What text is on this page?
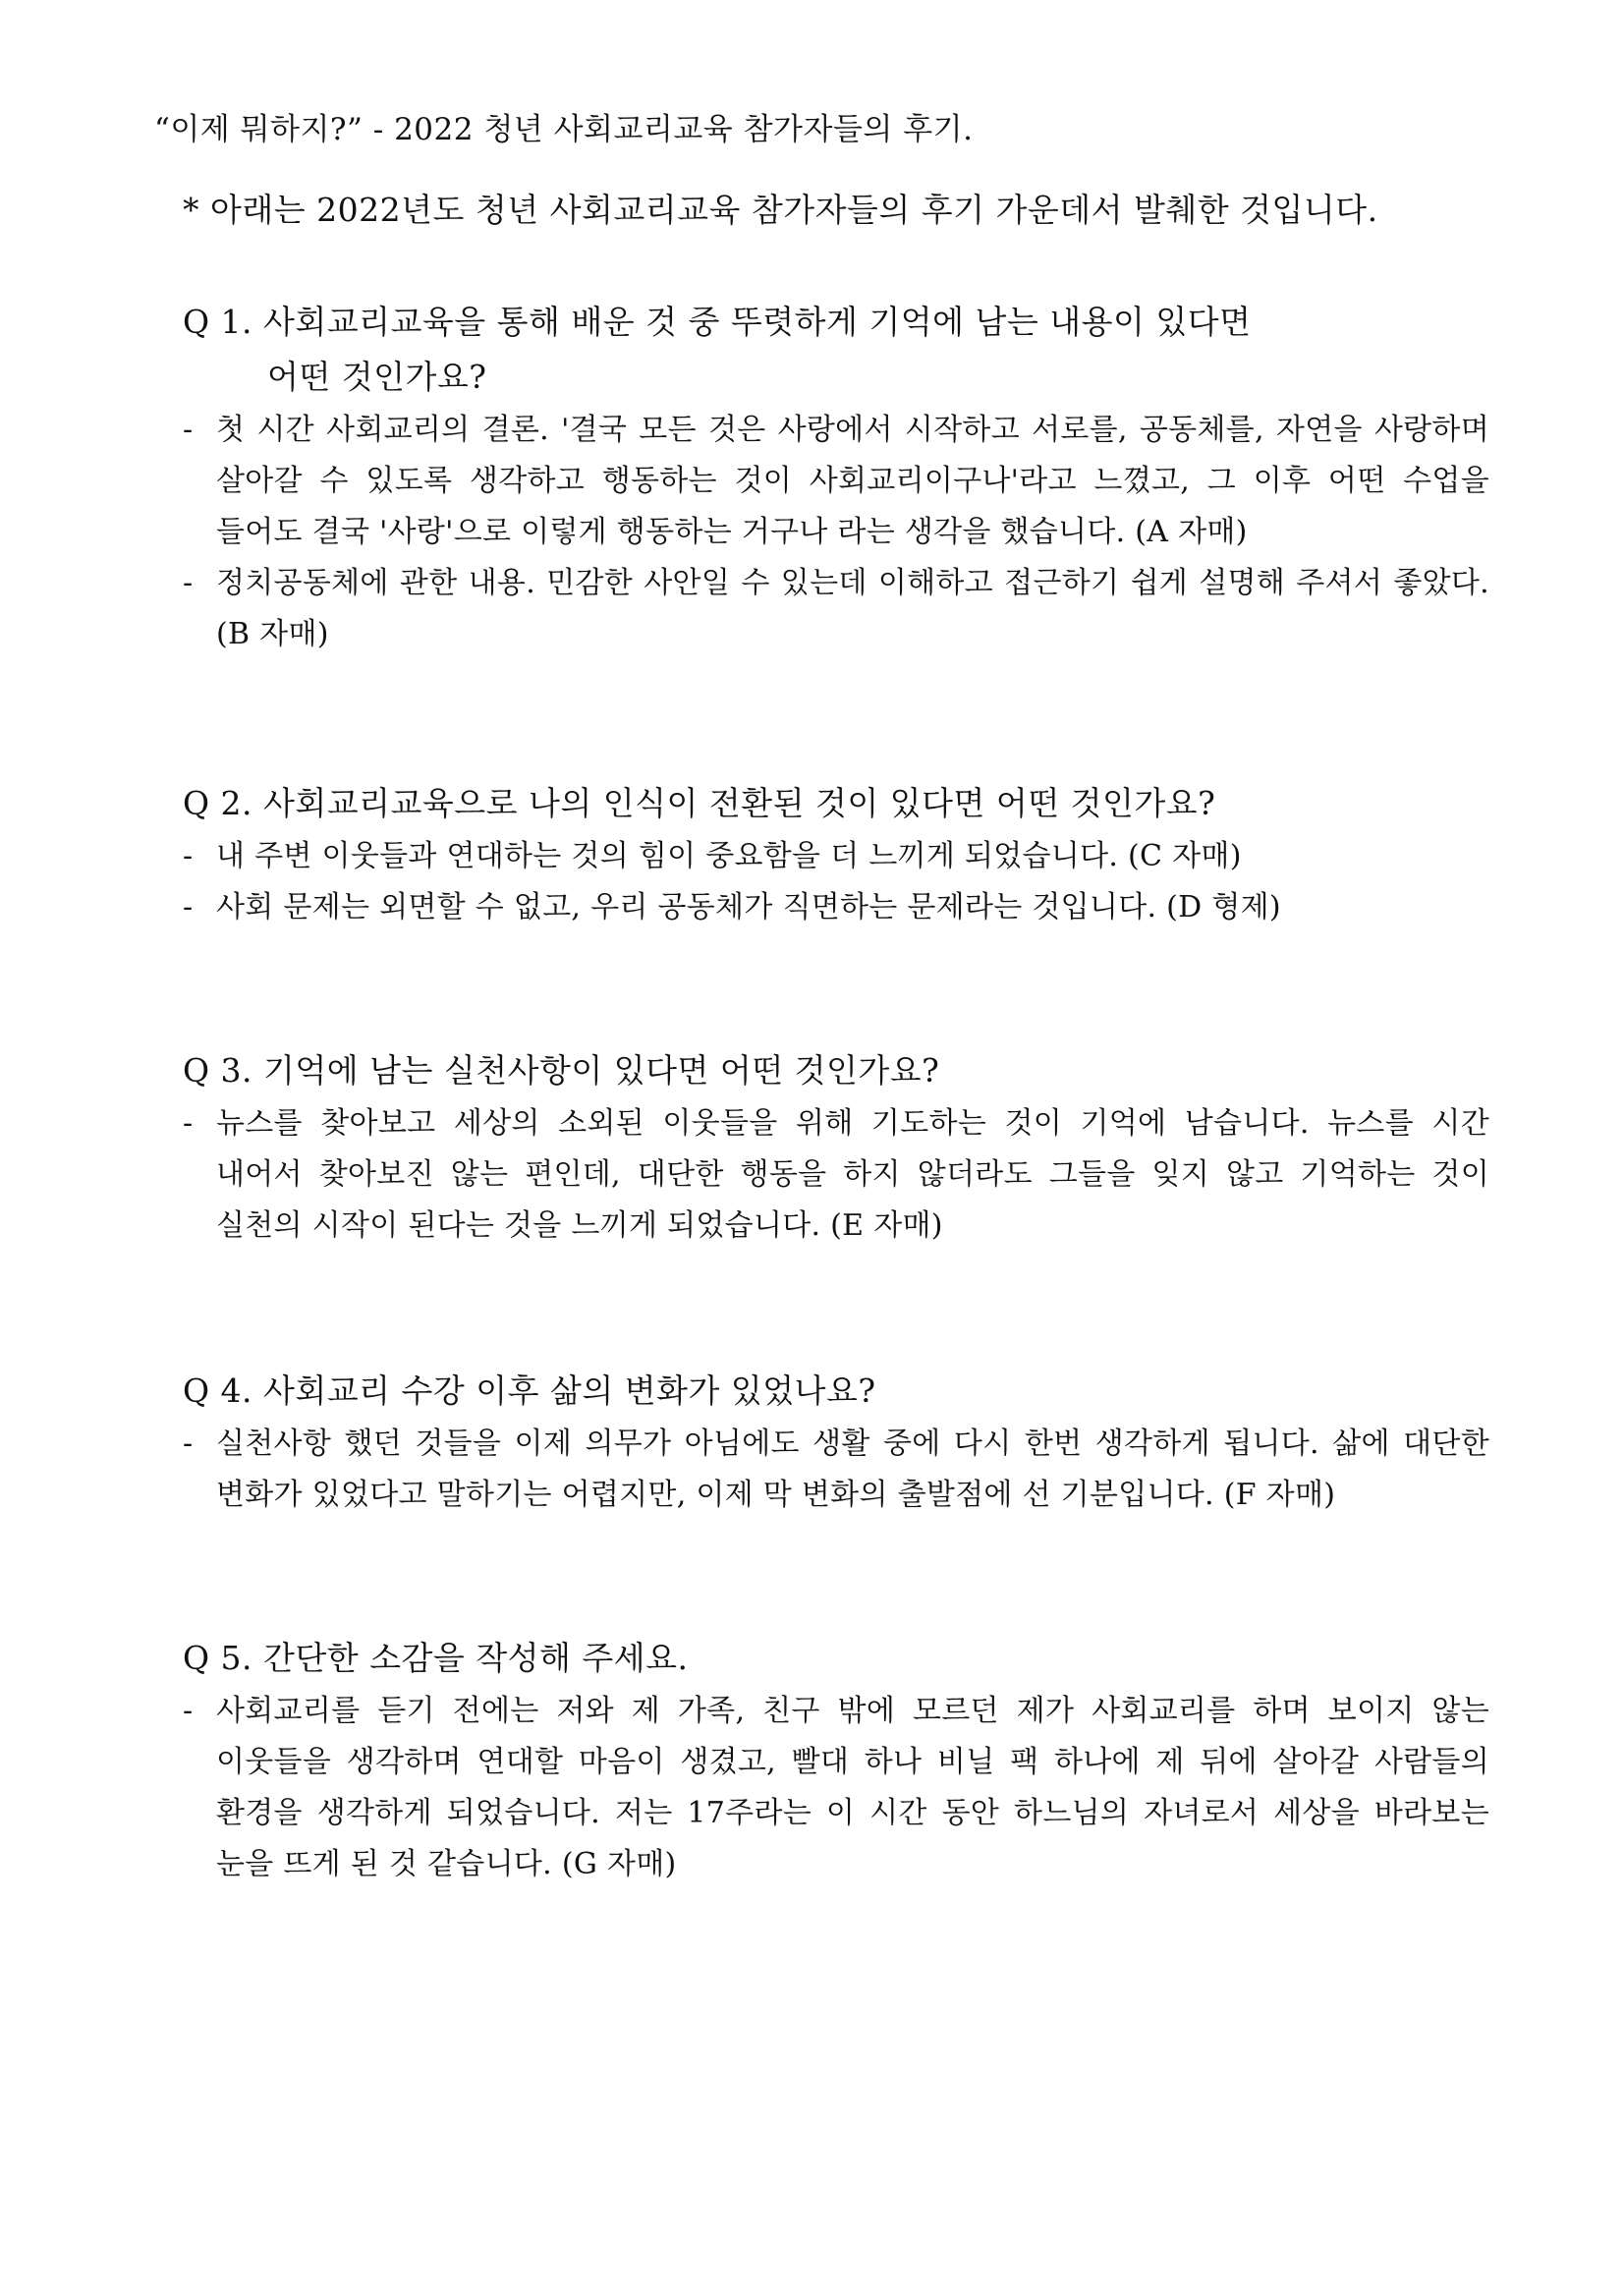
“이제 뭐하지?” - 2022 청년 사회교리교육 참가자들의 후기.
* 아래는 2022년도 청년 사회교리교육 참가자들의 후기 가운데서 발췌한 것입니다.
Q 1. 사회교리교육을 통해 배운 것 중 뚜렷하게 기억에 남는 내용이 있다면
어떤 것인가요?
- 첫 시간 사회교리의 결론. '결국 모든 것은 사랑에서 시작하고 서로를, 공동체를, 자연을 사랑하며 살아갈 수 있도록 생각하고 행동하는 것이 사회교리이구나'라고 느꼈고, 그 이후 어떤 수업을 들어도 결국 '사랑'으로 이렇게 행동하는 거구나 라는 생각을 했습니다. (A 자매)
- 정치공동체에 관한 내용. 민감한 사안일 수 있는데 이해하고 접근하기 쉽게 설명해 주셔서 좋았다. (B 자매)
Q 2. 사회교리교육으로 나의 인식이 전환된 것이 있다면 어떤 것인가요?
- 내 주변 이웃들과 연대하는 것의 힘이 중요함을 더 느끼게 되었습니다. (C 자매)
- 사회 문제는 외면할 수 없고, 우리 공동체가 직면하는 문제라는 것입니다. (D 형제)
Q 3. 기억에 남는 실천사항이 있다면 어떤 것인가요?
- 뉴스를 찾아보고 세상의 소외된 이웃들을 위해 기도하는 것이 기억에 남습니다. 뉴스를 시간 내어서 찾아보진 않는 편인데, 대단한 행동을 하지 않더라도 그들을 잊지 않고 기억하는 것이 실천의 시작이 된다는 것을 느끼게 되었습니다. (E 자매)
Q 4. 사회교리 수강 이후 삶의 변화가 있었나요?
- 실천사항 했던 것들을 이제 의무가 아님에도 생활 중에 다시 한번 생각하게 됩니다. 삶에 대단한 변화가 있었다고 말하기는 어렵지만, 이제 막 변화의 출발점에 선 기분입니다. (F 자매)
Q 5. 간단한 소감을 작성해 주세요.
- 사회교리를 듣기 전에는 저와 제 가족, 친구 밖에 모르던 제가 사회교리를 하며 보이지 않는 이웃들을 생각하며 연대할 마음이 생겼고, 빨대 하나 비닐 팩 하나에 제 뒤에 살아갈 사람들의 환경을 생각하게 되었습니다. 저는 17주라는 이 시간 동안 하느님의 자녀로서 세상을 바라보는 눈을 뜨게 된 것 같습니다. (G 자매)
